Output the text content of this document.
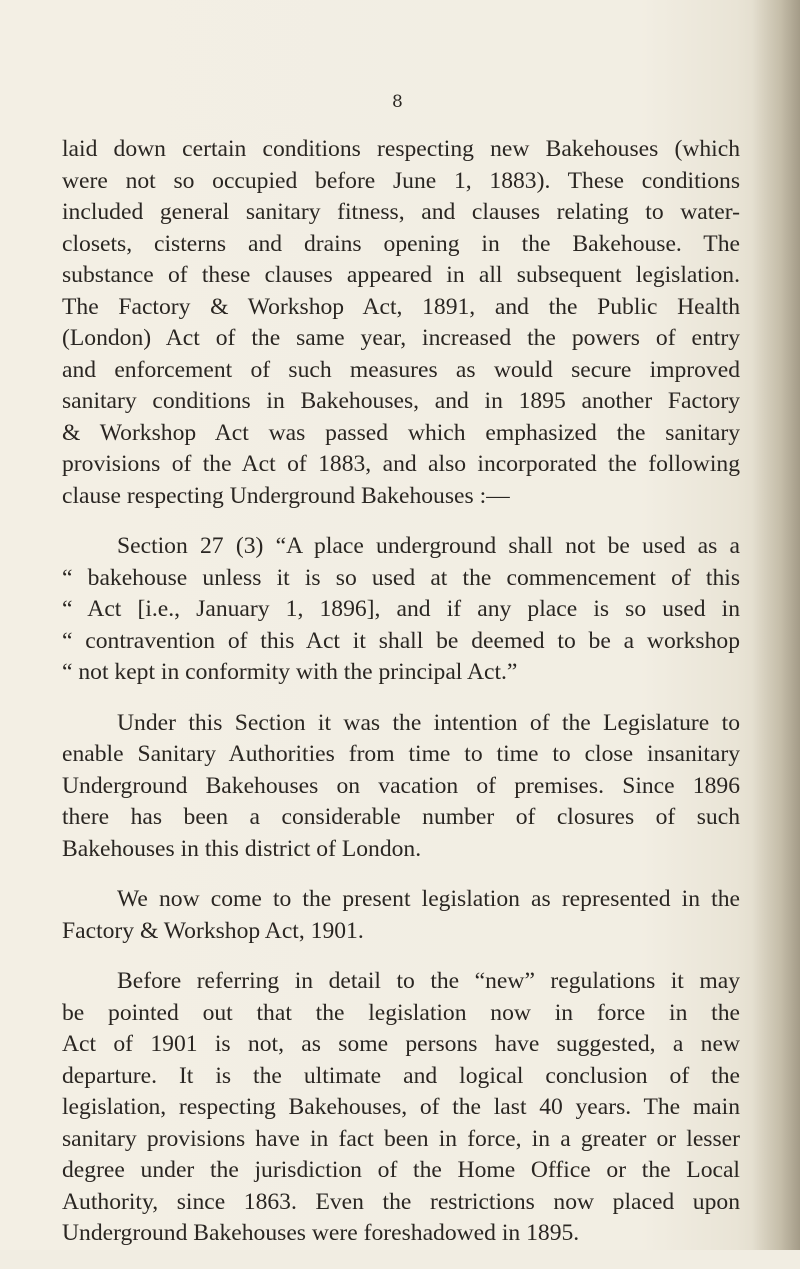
8
laid down certain conditions respecting new Bakehouses (which
were not so occupied before June 1, 1883). These conditions
included general sanitary fitness, and clauses relating to water-
closets, cisterns and drains opening in the Bakehouse. The
substance of these clauses appeared in all subsequent legislation.
The Factory & Workshop Act, 1891, and the Public Health
(London) Act of the same year, increased the powers of entry
and enforcement of such measures as would secure improved
sanitary conditions in Bakehouses, and in 1895 another Factory
& Workshop Act was passed which emphasized the sanitary
provisions of the Act of 1883, and also incorporated the following
clause respecting Underground Bakehouses :—
Section 27 (3) “A place underground shall not be used as a
“ bakehouse unless it is so used at the commencement of this
“ Act [i.e., January 1, 1896], and if any place is so used in
“ contravention of this Act it shall be deemed to be a workshop
“ not kept in conformity with the principal Act.”
Under this Section it was the intention of the Legislature to
enable Sanitary Authorities from time to time to close insanitary
Underground Bakehouses on vacation of premises. Since 1896
there has been a considerable number of closures of such
Bakehouses in this district of London.
We now come to the present legislation as represented in the
Factory & Workshop Act, 1901.
Before referring in detail to the “new” regulations it may
be pointed out that the legislation now in force in the
Act of 1901 is not, as some persons have suggested, a new
departure. It is the ultimate and logical conclusion of the
legislation, respecting Bakehouses, of the last 40 years. The main
sanitary provisions have in fact been in force, in a greater or lesser
degree under the jurisdiction of the Home Office or the Local
Authority, since 1863. Even the restrictions now placed upon
Underground Bakehouses were foreshadowed in 1895.
